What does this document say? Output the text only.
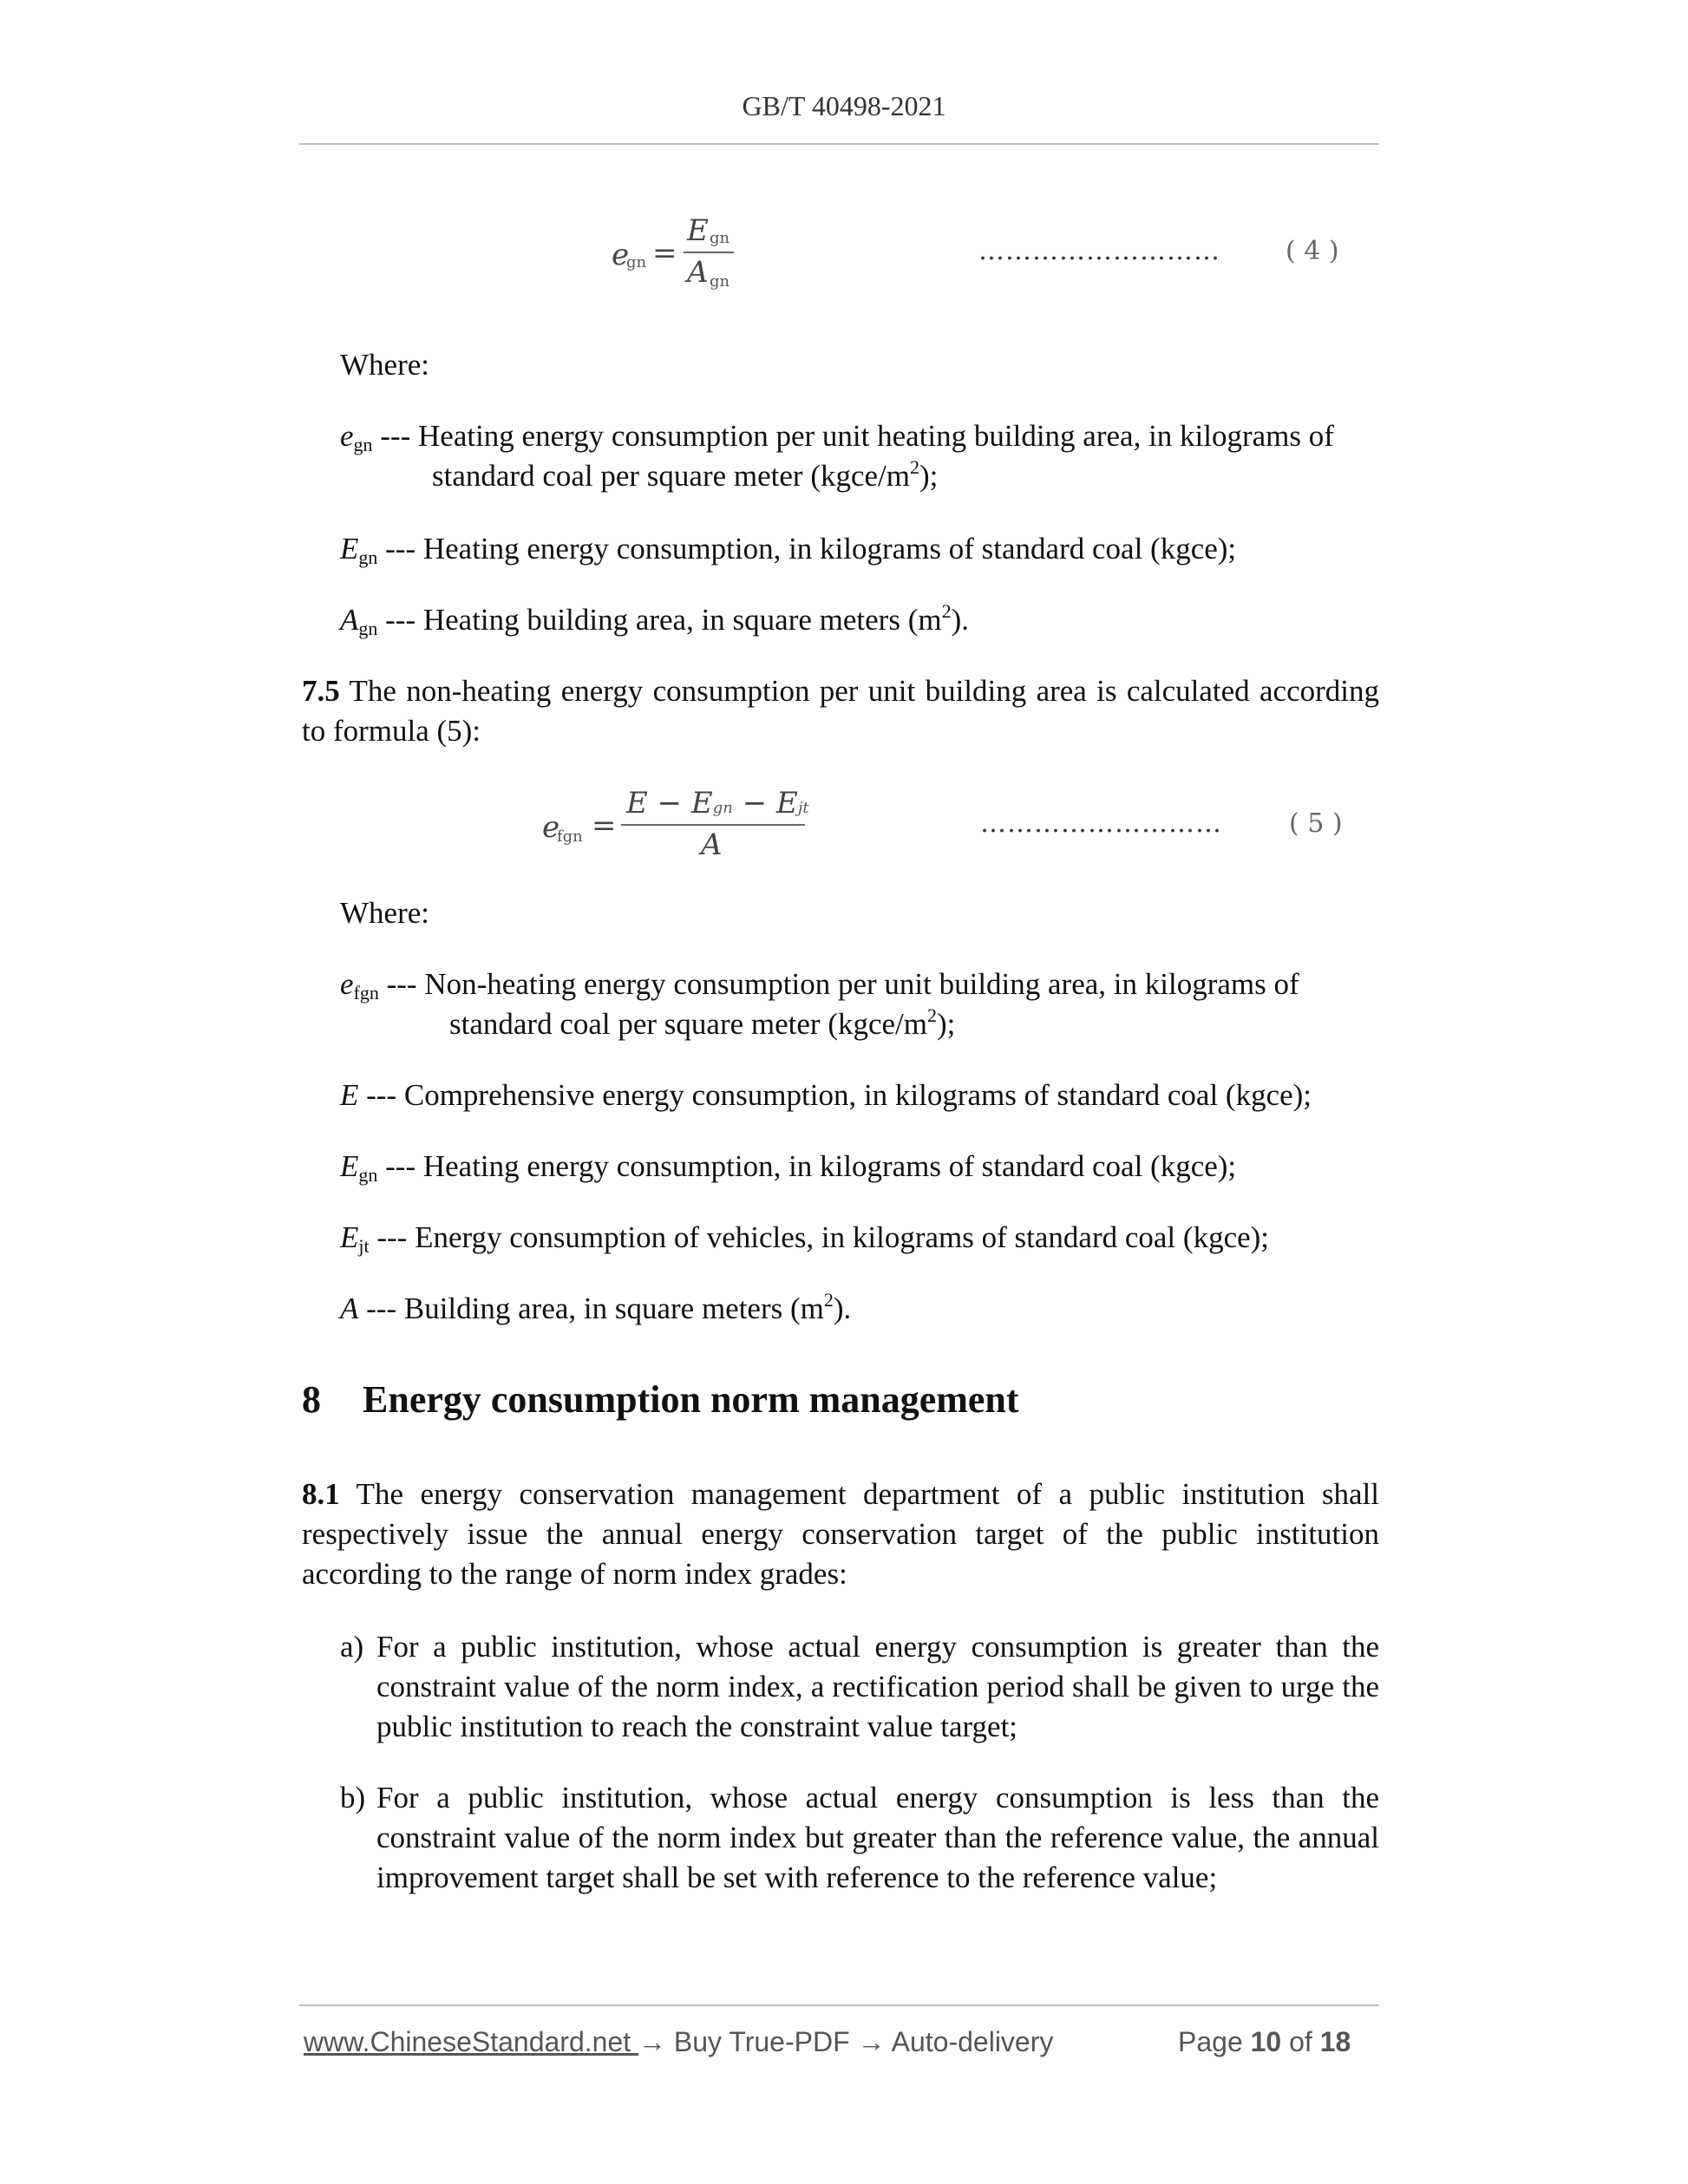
GB/T 40498-2021
e
gn =
E gn
A gn
………………………	( 4 )
Where:
$e_{gn}$ --- Heating energy consumption per unit heating building area, in kilograms of
standard coal per square meter $(kgce/m^2)$;
$E_{gn}$ --- Heating energy consumption, in kilograms of standard coal (kgce);
$A_{gn}$ --- Heating building area, in square meters $(m^2)$.
7.5 The non-heating energy consumption per unit building area is calculated according to formula (5):
e
fgn =
E − Egn − Ejt
A
………………………	( 5 )
Where:
$e_{fgn}$ --- Non-heating energy consumption per unit building area, in kilograms of
standard coal per square meter $(kgce/m^2)$;
E --- Comprehensive energy consumption, in kilograms of standard coal (kgce);
$E_{gn}$ --- Heating energy consumption, in kilograms of standard coal (kgce);
$E_{jt}$ --- Energy consumption of vehicles, in kilograms of standard coal (kgce);
A --- Building area, in square meters $(m^2)$.
8 Energy consumption norm management
8.1 The energy conservation management department of a public institution shall respectively issue the annual energy conservation target of the public institution according to the range of norm index grades:
a) For a public institution, whose actual energy consumption is greater than the constraint value of the norm index, a rectification period shall be given to urge the public institution to reach the constraint value target;
b) For a public institution, whose actual energy consumption is less than the constraint value of the norm index but greater than the reference value, the annual improvement target shall be set with reference to the reference value;
www.ChineseStandard.net → Buy True-PDF → Auto-delivery	Page 10 of 18
